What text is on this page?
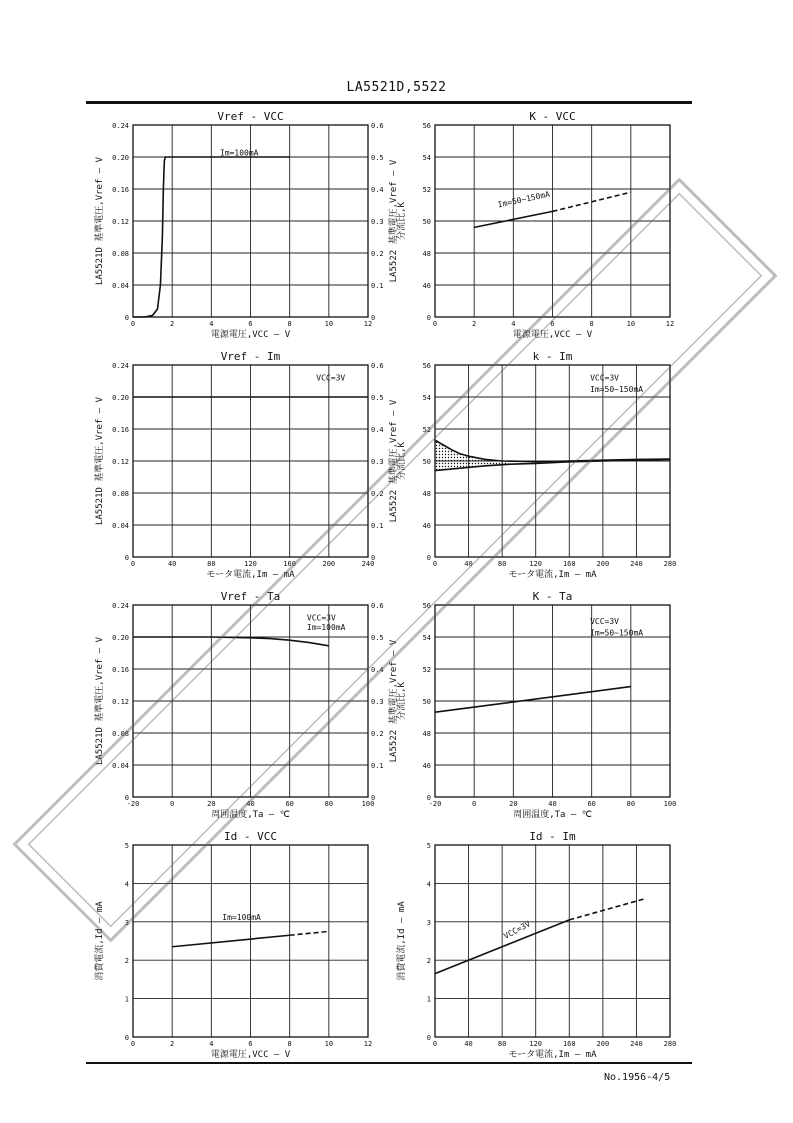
LA5521D,5522
0	2	4	6	8	10	12
0
0.04
0.08
0.12
0.16
0.20
0.24
0
0.1
0.2
0.3
0.4
0.5
0.6
Vref - VCC
電源電圧,VCC — V
LA5521D 基準電圧,Vref — V	LA5522 基準電圧,Vref — V
Im=100mA
0	2	4	6	8	10	12
0
46
48
50
52
54
56
K - VCC
電源電圧,VCC — V
分流比,K
Im=50~150mA
0	40	80	120	160	200	240
0
0.04
0.08
0.12
0.16
0.20
0.24
0
0.1
0.2
0.3
0.4
0.5
0.6
Vref - Im
モータ電流,Im — mA
LA5521D 基準電圧,Vref — V	LA5522 基準電圧,Vref — V
VCC=3V
0	40	80	120	160	200	240	280
0
46
48
50
52
54
56
k - Im
モータ電流,Im — mA
分流比,K
VCC=3V
Im=50~150mA
-20	0	20	40	60	80	100
0
0.04
0.08
0.12
0.16
0.20
0.24
0
0.1
0.2
0.3
0.4
0.5
0.6
Vref - Ta
周囲温度,Ta — ℃
LA5521D 基準電圧,Vref — V	LA5522 基準電圧,Vref — V
VCC=3V
Im=100mA
-20	0	20	40	60	80	100
0
46
48
50
52
54
56
K - Ta
周囲温度,Ta — ℃
分流比,K
VCC=3V
Im=50~150mA
0	2	4	6	8	10	12
0
1
2
3
4
5
Id - VCC
電源電圧,VCC — V
消費電流,Id — mA	Im=100mA
0	40	80	120	160	200	240	280
0
1
2
3
4
5
Id - Im
モータ電流,Im — mA
消費電流,Id — mA	VCC=3V
No.1956-4/5
